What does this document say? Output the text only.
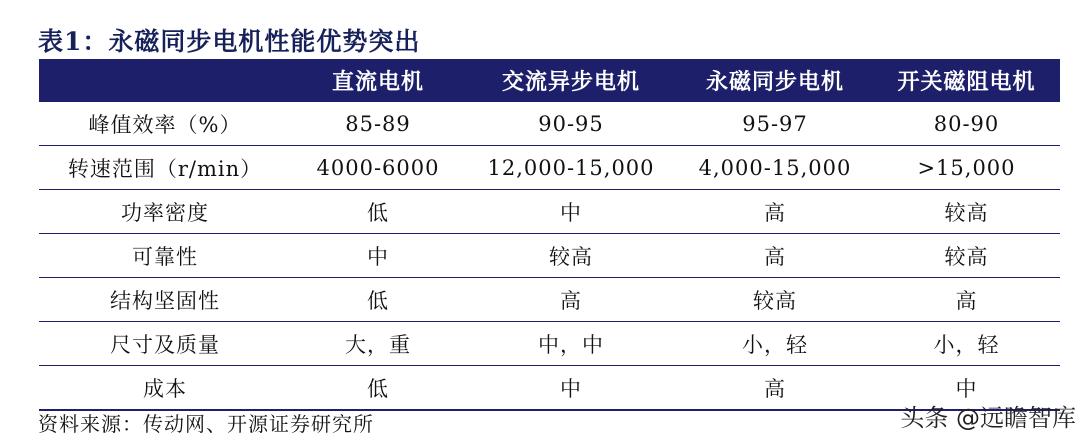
表1：永磁同步电机性能优势突出
	直流电机	交流异步电机	永磁同步电机	开关磁阻电机
峰值效率（%）	85-89	90-95	95-97	80-90
转速范围（r/min）	4000-6000	12,000-15,000	4,000-15,000	>15,000
功率密度	低	中	高	较高
可靠性	中	较高	高	较高
结构坚固性	低	高	较高	高
尺寸及质量	大，重	中，中	小，轻	小，轻
成本	低	中	高	中
资料来源：传动网、开源证券研究所	头条 @远瞻智库
